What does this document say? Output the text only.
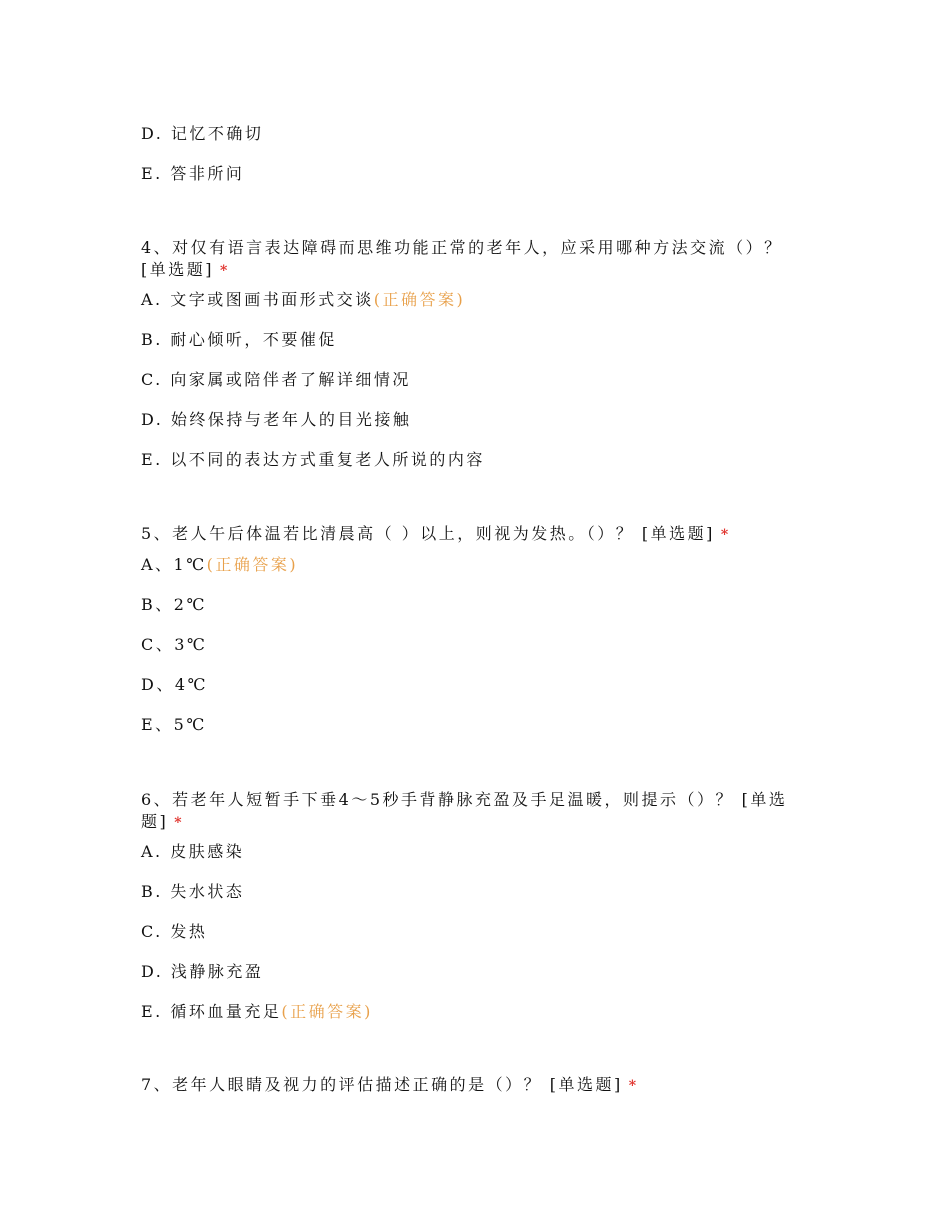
D. 记忆不确切
E. 答非所问
4、对仅有语言表达障碍而思维功能正常的老年人，应采用哪种方法交流（）？ [单选题] *
A. 文字或图画书面形式交谈(正确答案)
B. 耐心倾听，不要催促
C. 向家属或陪伴者了解详细情况
D. 始终保持与老年人的目光接触
E. 以不同的表达方式重复老人所说的内容
5、老人午后体温若比清晨高（ ）以上，则视为发热。（）？ [单选题] *
A、1℃(正确答案)
B、2℃
C、3℃
D、4℃
E、5℃
6、若老年人短暂手下垂4～5秒手背静脉充盈及手足温暖，则提示（）？ [单选题] *
A. 皮肤感染
B. 失水状态
C. 发热
D. 浅静脉充盈
E. 循环血量充足(正确答案)
7、老年人眼睛及视力的评估描述正确的是（）？ [单选题] *
